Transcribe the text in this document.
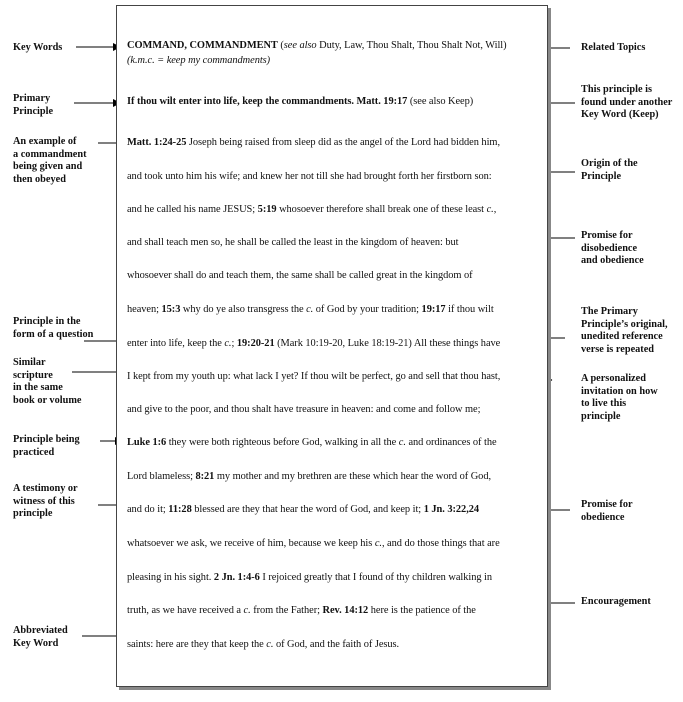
COMMAND, COMMANDMENT (see also Duty, Law, Thou Shalt, Thou Shalt Not, Will)
(k.m.c. = keep my commandments)
If thou wilt enter into life, keep the commandments. Matt. 19:17 (see also Keep)
Matt. 1:24-25 Joseph being raised from sleep did as the angel of the Lord had bidden him,
and took unto him his wife; and knew her not till she had brought forth her firstborn son:
and he called his name JESUS; 5:19 whosoever therefore shall break one of these least c.,
and shall teach men so, he shall be called the least in the kingdom of heaven: but
whosoever shall do and teach them, the same shall be called great in the kingdom of
heaven; 15:3 why do ye also transgress the c. of God by your tradition; 19:17 if thou wilt
enter into life, keep the c.; 19:20-21 (Mark 10:19-20, Luke 18:19-21) All these things have
I kept from my youth up: what lack I yet? If thou wilt be perfect, go and sell that thou hast,
and give to the poor, and thou shalt have treasure in heaven: and come and follow me;
Luke 1:6 they were both righteous before God, walking in all the c. and ordinances of the
Lord blameless; 8:21 my mother and my brethren are these which hear the word of God,
and do it; 11:28 blessed are they that hear the word of God, and keep it; 1 Jn. 3:22,24
whatsoever we ask, we receive of him, because we keep his c., and do those things that are
pleasing in his sight. 2 Jn. 1:4-6 I rejoiced greatly that I found of thy children walking in
truth, as we have received a c. from the Father; Rev. 14:12 here is the patience of the
saints: here are they that keep the c. of God, and the faith of Jesus.
Key Words
Primary
Principle
An example of
a commandment
being given and
then obeyed
Principle in the
form of a question
Similar
scripture
in the same
book or volume
Principle being
practiced
A testimony or
witness of this
principle
Abbreviated
Key Word
Related Topics
This principle is
found under another
Key Word (Keep)
Origin of the
Principle
Promise for
disobedience
and obedience
The Primary
Principle’s original,
unedited reference
verse is repeated
A personalized
invitation on how
to live this
principle
Promise for
obedience
Encouragement
